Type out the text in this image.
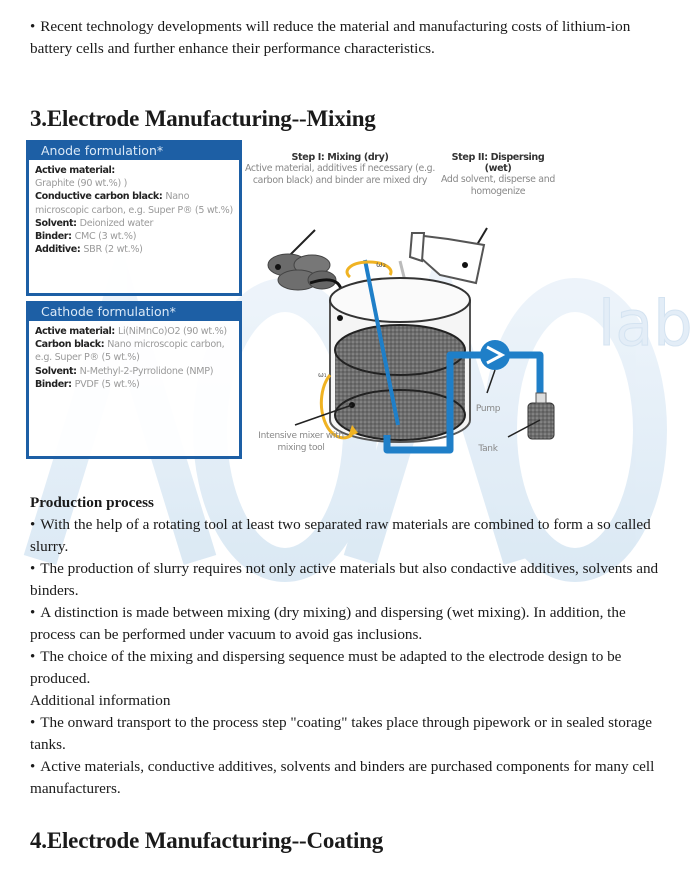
lab
• Recent technology developments will reduce the material and manufacturing costs of lithium-ion battery cells and further enhance their performance characteristics.
3.Electrode Manufacturing--Mixing
Anode formulation*
Active material:
Graphite (90 wt.%) )
Conductive carbon black: Nano microscopic carbon, e.g. Super P® (5 wt.%)
Solvent: Deionized water
Binder: CMC (3 wt.%)
Additive: SBR (2 wt.%)
Cathode formulation*
Active material: Li(NiMnCo)O2 (90 wt.%)
Carbon black: Nano microscopic carbon, e.g. Super P® (5 wt.%)
Solvent: N-Methyl-2-Pyrrolidone (NMP)
Binder: PVDF (5 wt.%)
Step I: Mixing (dry)
Active material, additives if necessary (e.g. carbon black) and binder are mixed dry
Step II: Dispersing (wet)
Add solvent, disperse and homogenize
ω₂
ω₁
Intensive mixer with mixing tool
Pump
Tank
Production process
• With the help of a rotating tool at least two separated raw materials are combined to form a so called slurry.
• The production of slurry requires not only active materials but also condactive additives, solvents and binders.
• A distinction is made between mixing (dry mixing) and dispersing (wet mixing). In addition, the process can be performed under vacuum to avoid gas inclusions.
• The choice of the mixing and dispersing sequence must be adapted to the electrode design to be produced.
Additional information
• The onward transport to the process step "coating" takes place through pipework or in sealed storage tanks.
• Active materials, conductive additives, solvents and binders are purchased components for many cell manufacturers.
4.Electrode Manufacturing--Coating
